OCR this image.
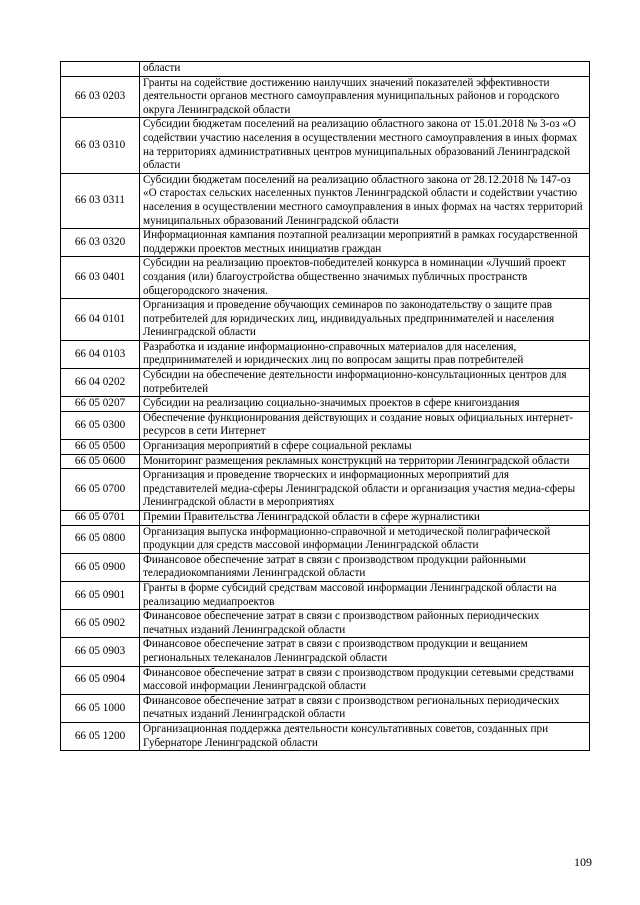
	области
66 03 0203	Гранты на содействие достижению наилучших значений показателей эффективности деятельности органов местного самоуправления муниципальных районов и городского округа Ленинградской области
66 03 0310	Субсидии бюджетам поселений на реализацию областного закона от 15.01.2018 № 3-оз «О содействии участию населения в осуществлении местного самоуправления в иных формах на территориях административных центров муниципальных образований Ленинградской области
66 03 0311	Субсидии бюджетам поселений на реализацию областного закона от 28.12.2018 № 147-оз «О старостах сельских населенных пунктов Ленинградской области и содействии участию населения в осуществлении местного самоуправления в иных формах на частях территорий муниципальных образований Ленинградской области
66 03 0320	Информационная кампания поэтапной реализации мероприятий в рамках государственной поддержки проектов местных инициатив граждан
66 03 0401	Субсидии на реализацию проектов-победителей конкурса в номинации «Лучший проект создания (или) благоустройства общественно значимых публичных пространств общегородского значения.
66 04 0101	Организация и проведение обучающих семинаров по законодательству о защите прав потребителей для юридических лиц, индивидуальных предпринимателей и населения Ленинградской области
66 04 0103	Разработка и издание информационно-справочных материалов для населения, предпринимателей и юридических лиц по вопросам защиты прав потребителей
66 04 0202	Субсидии на обеспечение деятельности информационно-консультационных центров для потребителей
66 05 0207	Субсидии на реализацию социально-значимых проектов в сфере книгоиздания
66 05 0300	Обеспечение функционирования действующих и создание новых официальных интернет-ресурсов в сети Интернет
66 05 0500	Организация мероприятий в сфере социальной рекламы
66 05 0600	Мониторинг размещения рекламных конструкций на территории Ленинградской области
66 05 0700	Организация и проведение творческих и информационных мероприятий для представителей медиа-сферы Ленинградской области и организация участия медиа-сферы Ленинградской области в мероприятиях
66 05 0701	Премии Правительства Ленинградской области в сфере журналистики
66 05 0800	Организация выпуска информационно-справочной и методической полиграфической продукции для средств массовой информации Ленинградской области
66 05 0900	Финансовое обеспечение затрат в связи с производством продукции районными телерадиокомпаниями Ленинградской области
66 05 0901	Гранты в форме субсидий средствам массовой информации Ленинградской области на реализацию медиапроектов
66 05 0902	Финансовое обеспечение затрат в связи с производством районных периодических печатных изданий Ленинградской области
66 05 0903	Финансовое обеспечение затрат в связи с производством продукции и вещанием региональных телеканалов Ленинградской области
66 05 0904	Финансовое обеспечение затрат в связи с производством продукции сетевыми средствами массовой информации Ленинградской области
66 05 1000	Финансовое обеспечение затрат в связи с производством региональных периодических печатных изданий Ленинградской области
66 05 1200	Организационная поддержка деятельности консультативных советов, созданных при Губернаторе Ленинградской области
109
